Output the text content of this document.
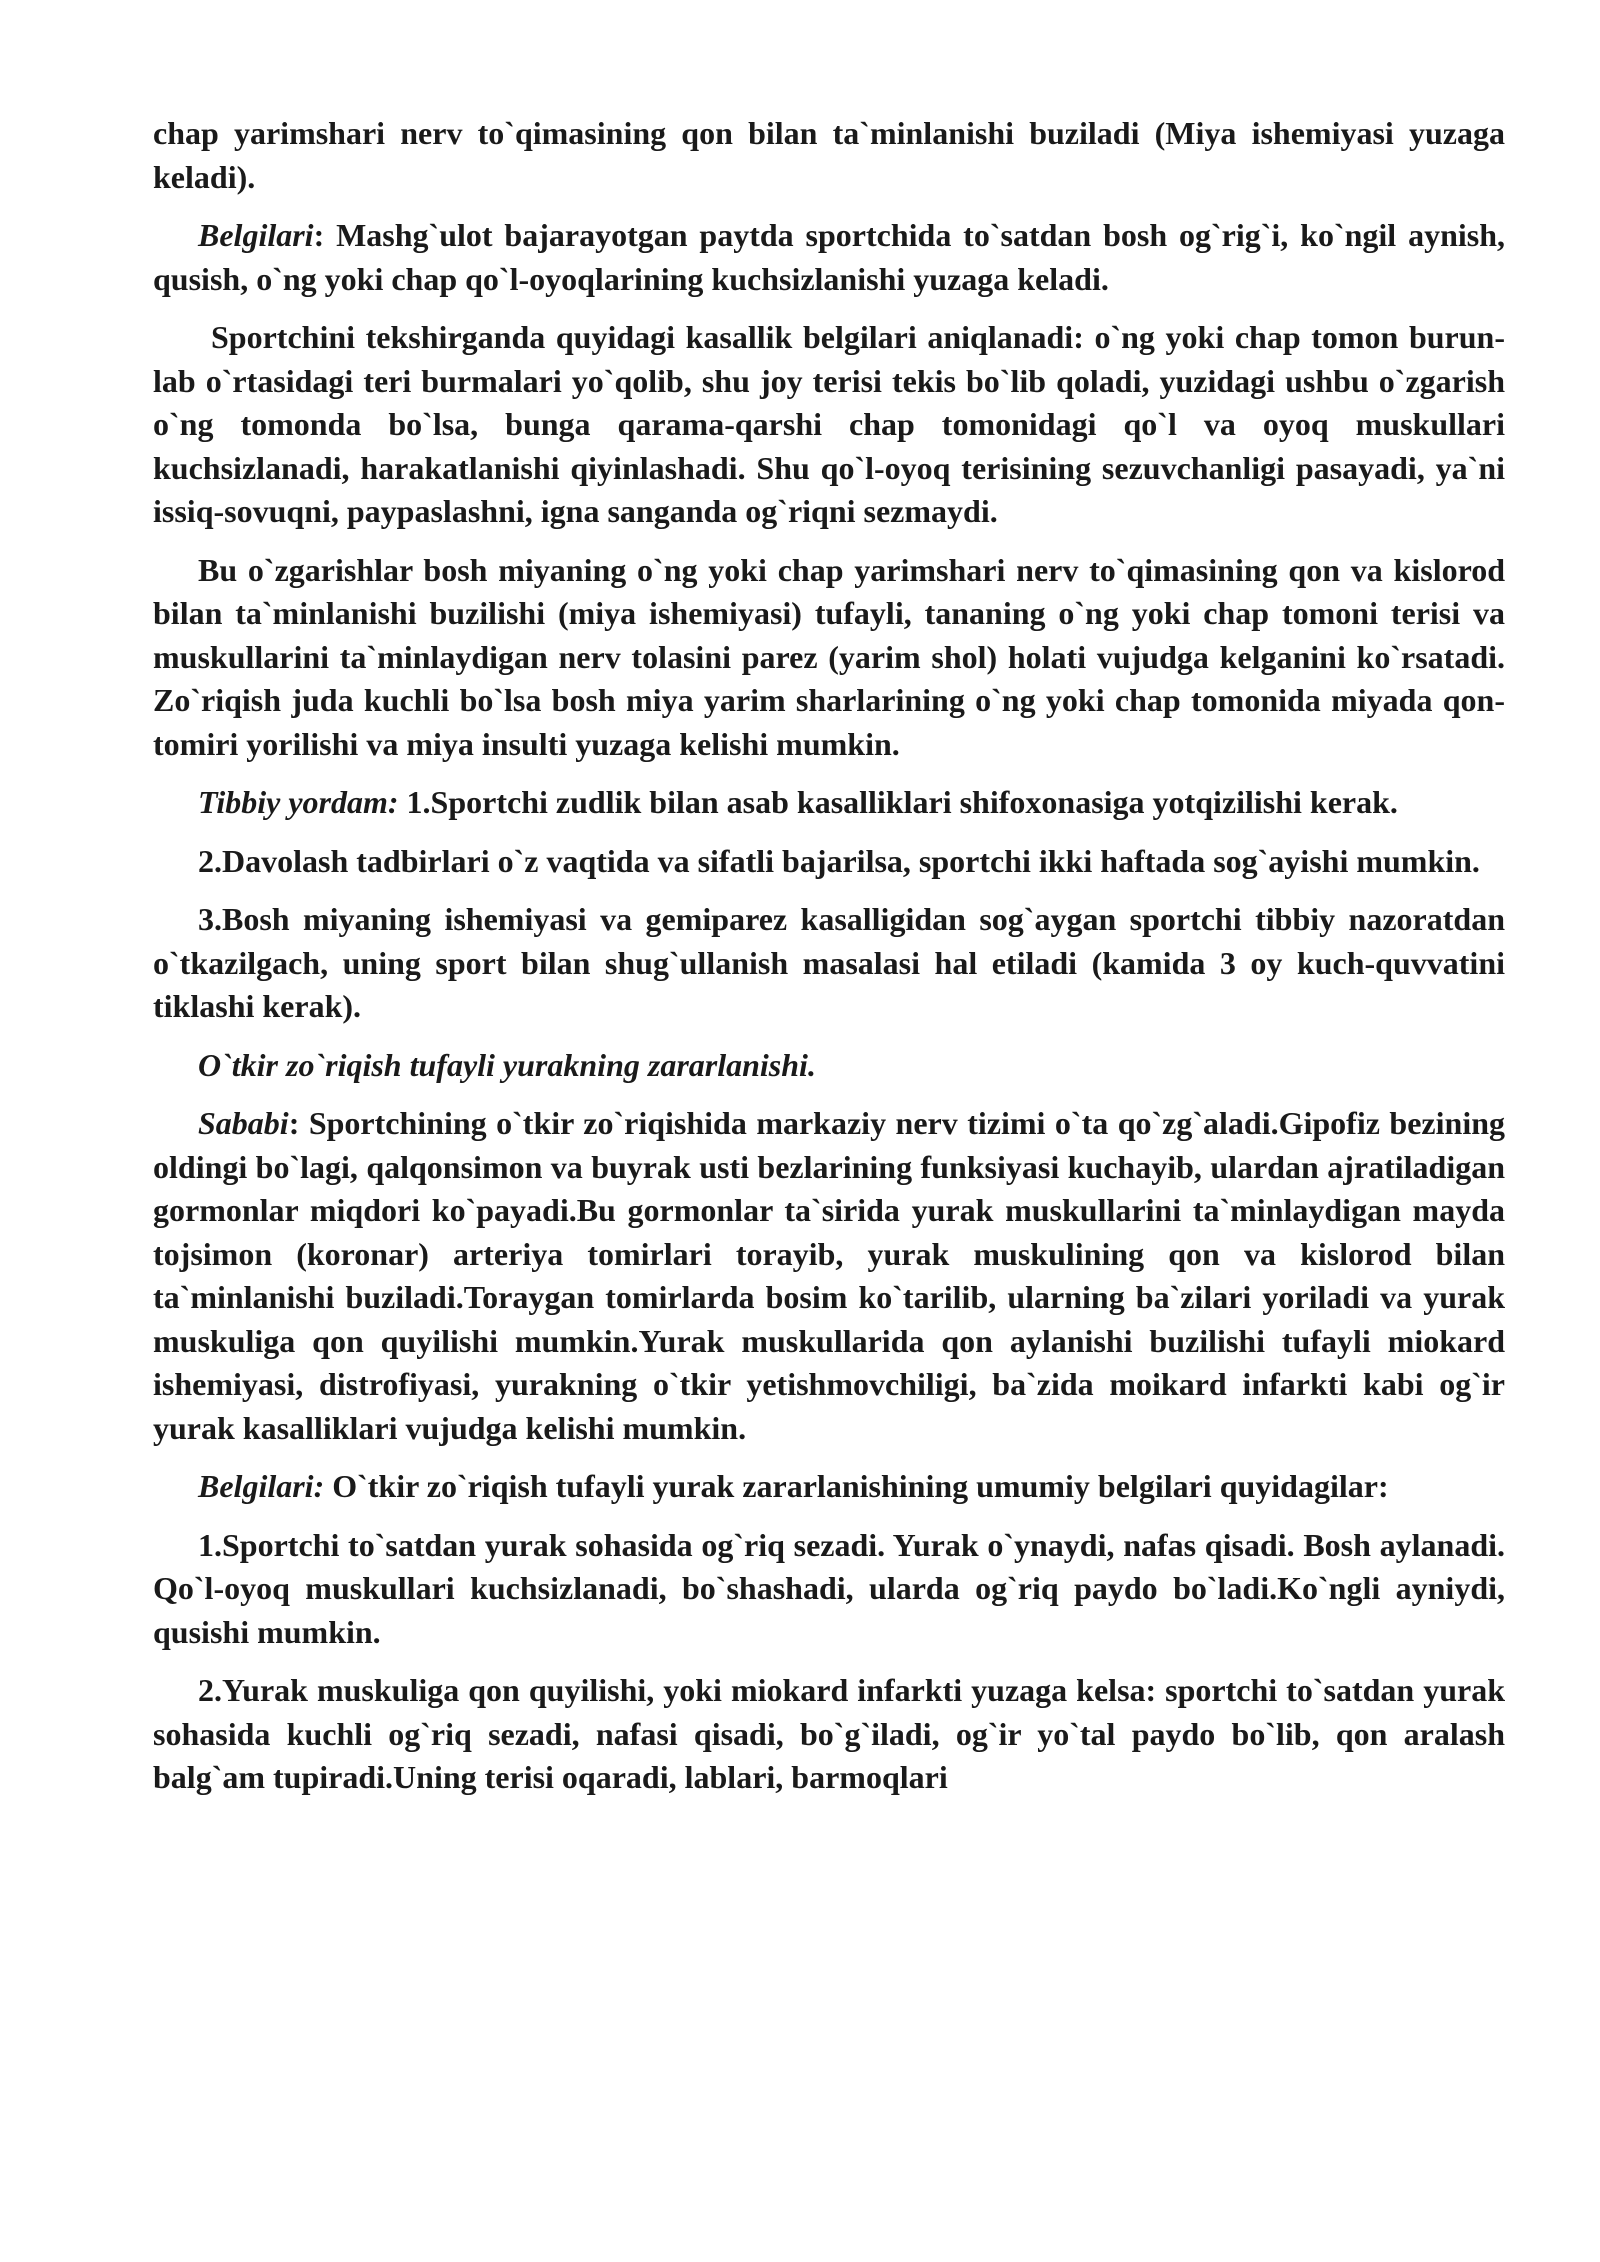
chap yarimshari nerv to`qimasining qon bilan ta`minlanishi buziladi (Miya ishemiyasi yuzaga keladi).

Belgilari: Mashg`ulot bajarayotgan paytda sportchida to`satdan bosh og`rig`i, ko`ngil aynish, qusish, o`ng yoki chap qo`l-oyoqlarining kuchsizlanishi yuzaga keladi.

Sportchini tekshirganda quyidagi kasallik belgilari aniqlanadi: o`ng yoki chap tomon burun-lab o`rtasidagi teri burmalari yo`qolib, shu joy terisi tekis bo`lib qoladi, yuzidagi ushbu o`zgarish o`ng tomonda bo`lsa, bunga qarama-qarshi chap tomonidagi qo`l va oyoq muskullari kuchsizlanadi, harakatlanishi qiyinlashadi. Shu qo`l-oyoq terisining sezuvchanligi pasayadi, ya`ni issiq-sovuqni, paypaslashni, igna sanganda og`riqni sezmaydi.

Bu o`zgarishlar bosh miyaning o`ng yoki chap yarimshari nerv to`qimasining qon va kislorod bilan ta`minlanishi buzilishi (miya ishemiyasi) tufayli, tananing o`ng yoki chap tomoni terisi va muskullarini ta`minlaydigan nerv tolasini parez (yarim shol) holati vujudga kelganini ko`rsatadi. Zo`riqish juda kuchli bo`lsa bosh miya yarim sharlarining o`ng yoki chap tomonida miyada qon-tomiri yorilishi va miya insulti yuzaga kelishi mumkin.

Tibbiy yordam: 1.Sportchi zudlik bilan asab kasalliklari shifoxonasiga yotqizilishi kerak.

2.Davolash tadbirlari o`z vaqtida va sifatli bajarilsa, sportchi ikki haftada sog`ayishi mumkin.

3.Bosh miyaning ishemiyasi va gemiparez kasalligidan sog`aygan sportchi tibbiy nazoratdan o`tkazilgach, uning sport bilan shug`ullanish masalasi hal etiladi (kamida 3 oy kuch-quvvatini tiklashi kerak).

O`tkir zo`riqish tufayli yurakning zararlanishi.

Sababi: Sportchining o`tkir zo`riqishida markaziy nerv tizimi o`ta qo`zg`aladi.Gipofiz bezining oldingi bo`lagi, qalqonsimon va buyrak usti bezlarining funksiyasi kuchayib, ulardan ajratiladigan gormonlar miqdori ko`payadi.Bu gormonlar ta`sirida yurak muskullarini ta`minlaydigan mayda tojsimon (koronar) arteriya tomirlari torayib, yurak muskulining qon va kislorod bilan ta`minlanishi buziladi.Toraygan tomirlarda bosim ko`tarilib, ularning ba`zilari yoriladi va yurak muskuliga qon quyilishi mumkin.Yurak muskullarida qon aylanishi buzilishi tufayli miokard ishemiyasi, distrofiyasi, yurakning o`tkir yetishmovchiligi, ba`zida moikard infarkti kabi og`ir yurak kasalliklari vujudga kelishi mumkin.

Belgilari: O`tkir zo`riqish tufayli yurak zararlanishining umumiy belgilari quyidagilar:

1.Sportchi to`satdan yurak sohasida og`riq sezadi. Yurak o`ynaydi, nafas qisadi. Bosh aylanadi. Qo`l-oyoq muskullari kuchsizlanadi, bo`shashadi, ularda og`riq paydo bo`ladi.Ko`ngli ayniydi, qusishi mumkin.

2.Yurak muskuliga qon quyilishi, yoki miokard infarkti yuzaga kelsa: sportchi to`satdan yurak sohasida kuchli og`riq sezadi, nafasi qisadi, bo`g`iladi, og`ir yo`tal paydo bo`lib, qon aralash balg`am tupiradi.Uning terisi oqaradi, lablari, barmoqlari
